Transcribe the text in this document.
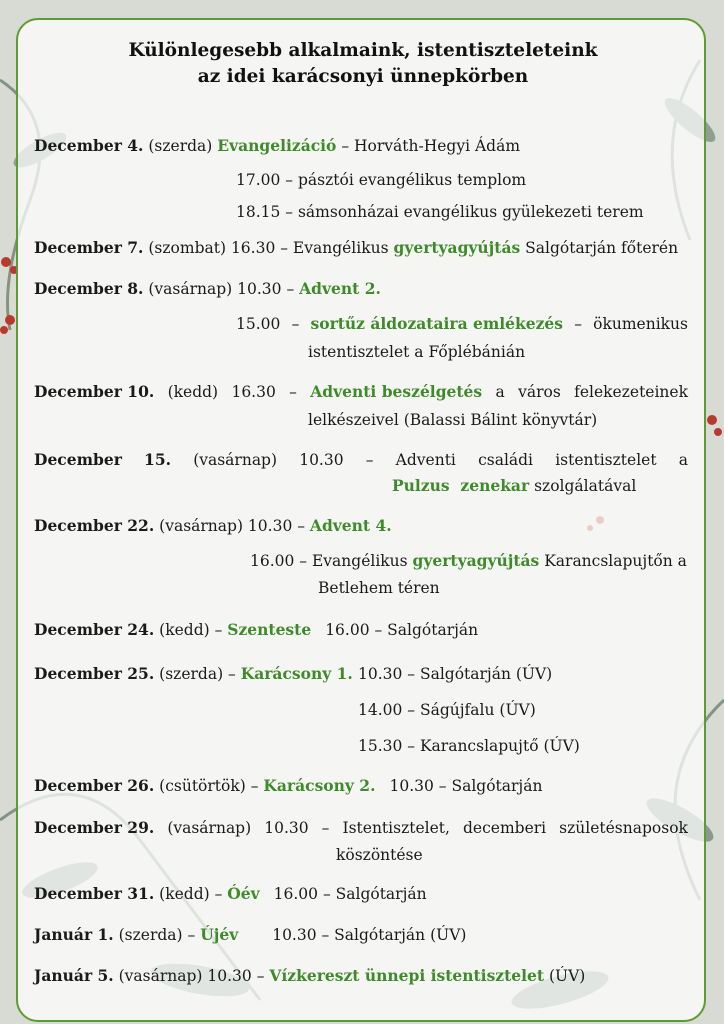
Különlegesebb alkalmaink, istentiszteleteink
az idei karácsonyi ünnepkörben
December 4. (szerda) Evangelizáció – Horváth-Hegyi Ádám
17.00 – pásztói evangélikus templom
18.15 – sámsonházai evangélikus gyülekezeti terem
December 7. (szombat) 16.30 – Evangélikus gyertyagyújtás Salgótarján főterén
December 8. (vasárnap) 10.30 – Advent 2.
15.00 – sortűz áldozataira emlékezés – ökumenikus
istentisztelet a Főplébánián
December 10. (kedd) 16.30 – Adventi beszélgetés a város felekezeteinek
lelkészeivel (Balassi Bálint könyvtár)
December 15. (vasárnap) 10.30 – Adventi családi istentisztelet a
Pulzus  zenekar szolgálatával
December 22. (vasárnap) 10.30 – Advent 4.
16.00 – Evangélikus gyertyagyújtás Karancslapujtőn a
Betlehem téren
December 24. (kedd) – Szenteste 16.00 – Salgótarján
December 25. (szerda) – Karácsony 1. 10.30 – Salgótarján (ÚV)
14.00 – Ságújfalu (ÚV)
15.30 – Karancslapujtő (ÚV)
December 26. (csütörtök) – Karácsony 2. 10.30 – Salgótarján
December 29. (vasárnap) 10.30 – Istentisztelet, decemberi születésnaposok
köszöntése
December 31. (kedd) – Óév 16.00 – Salgótarján
Január 1. (szerda) – Újév 10.30 – Salgótarján (ÚV)
Január 5. (vasárnap) 10.30 – Vízkereszt ünnepi istentisztelet (ÚV)
